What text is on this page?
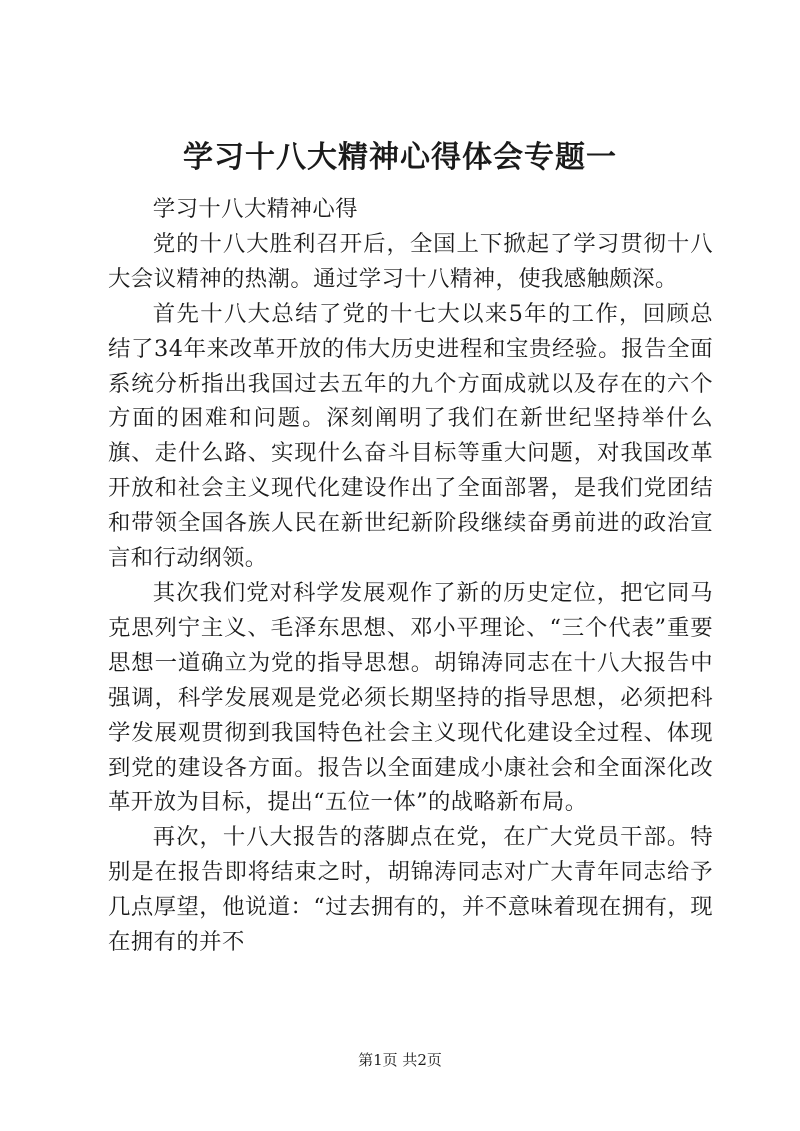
学习十八大精神心得体会专题一

学习十八大精神心得

党的十八大胜利召开后，全国上下掀起了学习贯彻十八大会议精神的热潮。通过学习十八精神，使我感触颇深。

首先十八大总结了党的十七大以来5年的工作，回顾总结了34年来改革开放的伟大历史进程和宝贵经验。报告全面系统分析指出我国过去五年的九个方面成就以及存在的六个方面的困难和问题。深刻阐明了我们在新世纪坚持举什么旗、走什么路、实现什么奋斗目标等重大问题，对我国改革开放和社会主义现代化建设作出了全面部署，是我们党团结和带领全国各族人民在新世纪新阶段继续奋勇前进的政治宣言和行动纲领。

其次我们党对科学发展观作了新的历史定位，把它同马克思列宁主义、毛泽东思想、邓小平理论、“三个代表”重要思想一道确立为党的指导思想。胡锦涛同志在十八大报告中强调，科学发展观是党必须长期坚持的指导思想，必须把科学发展观贯彻到我国特色社会主义现代化建设全过程、体现到党的建设各方面。报告以全面建成小康社会和全面深化改革开放为目标，提出“五位一体”的战略新布局。

再次，十八大报告的落脚点在党，在广大党员干部。特别是在报告即将结束之时，胡锦涛同志对广大青年同志给予几点厚望，他说道：“过去拥有的，并不意味着现在拥有，现在拥有的并不

第1页 共2页
